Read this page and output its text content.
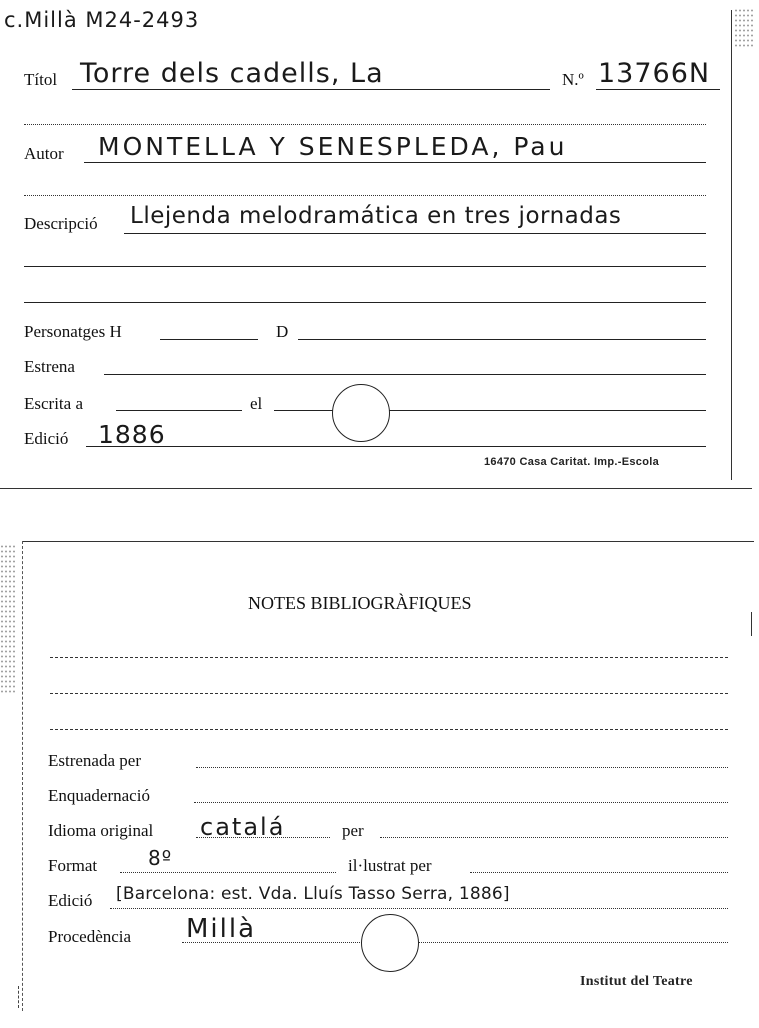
c.Millà M24-2493
Títol Torre dels cadells, La	N.º 13766N
Autor MONTELLA Y SENESPLEDA, Pau
Descripció Llejenda melodramática en tres jornadas
Personatges H	D
Estrena
Escrita a	el
Edició 1886
16470 Casa Caritat. Imp.-Escola
NOTES BIBLIOGRÀFIQUES
Estrenada per
Enquadernació
Idioma original catalá	per
Format	8º	il·lustrat per
Edició [Barcelona: est. Vda. Lluís Tasso Serra, 1886]
Procedència Millà
Institut del Teatre
